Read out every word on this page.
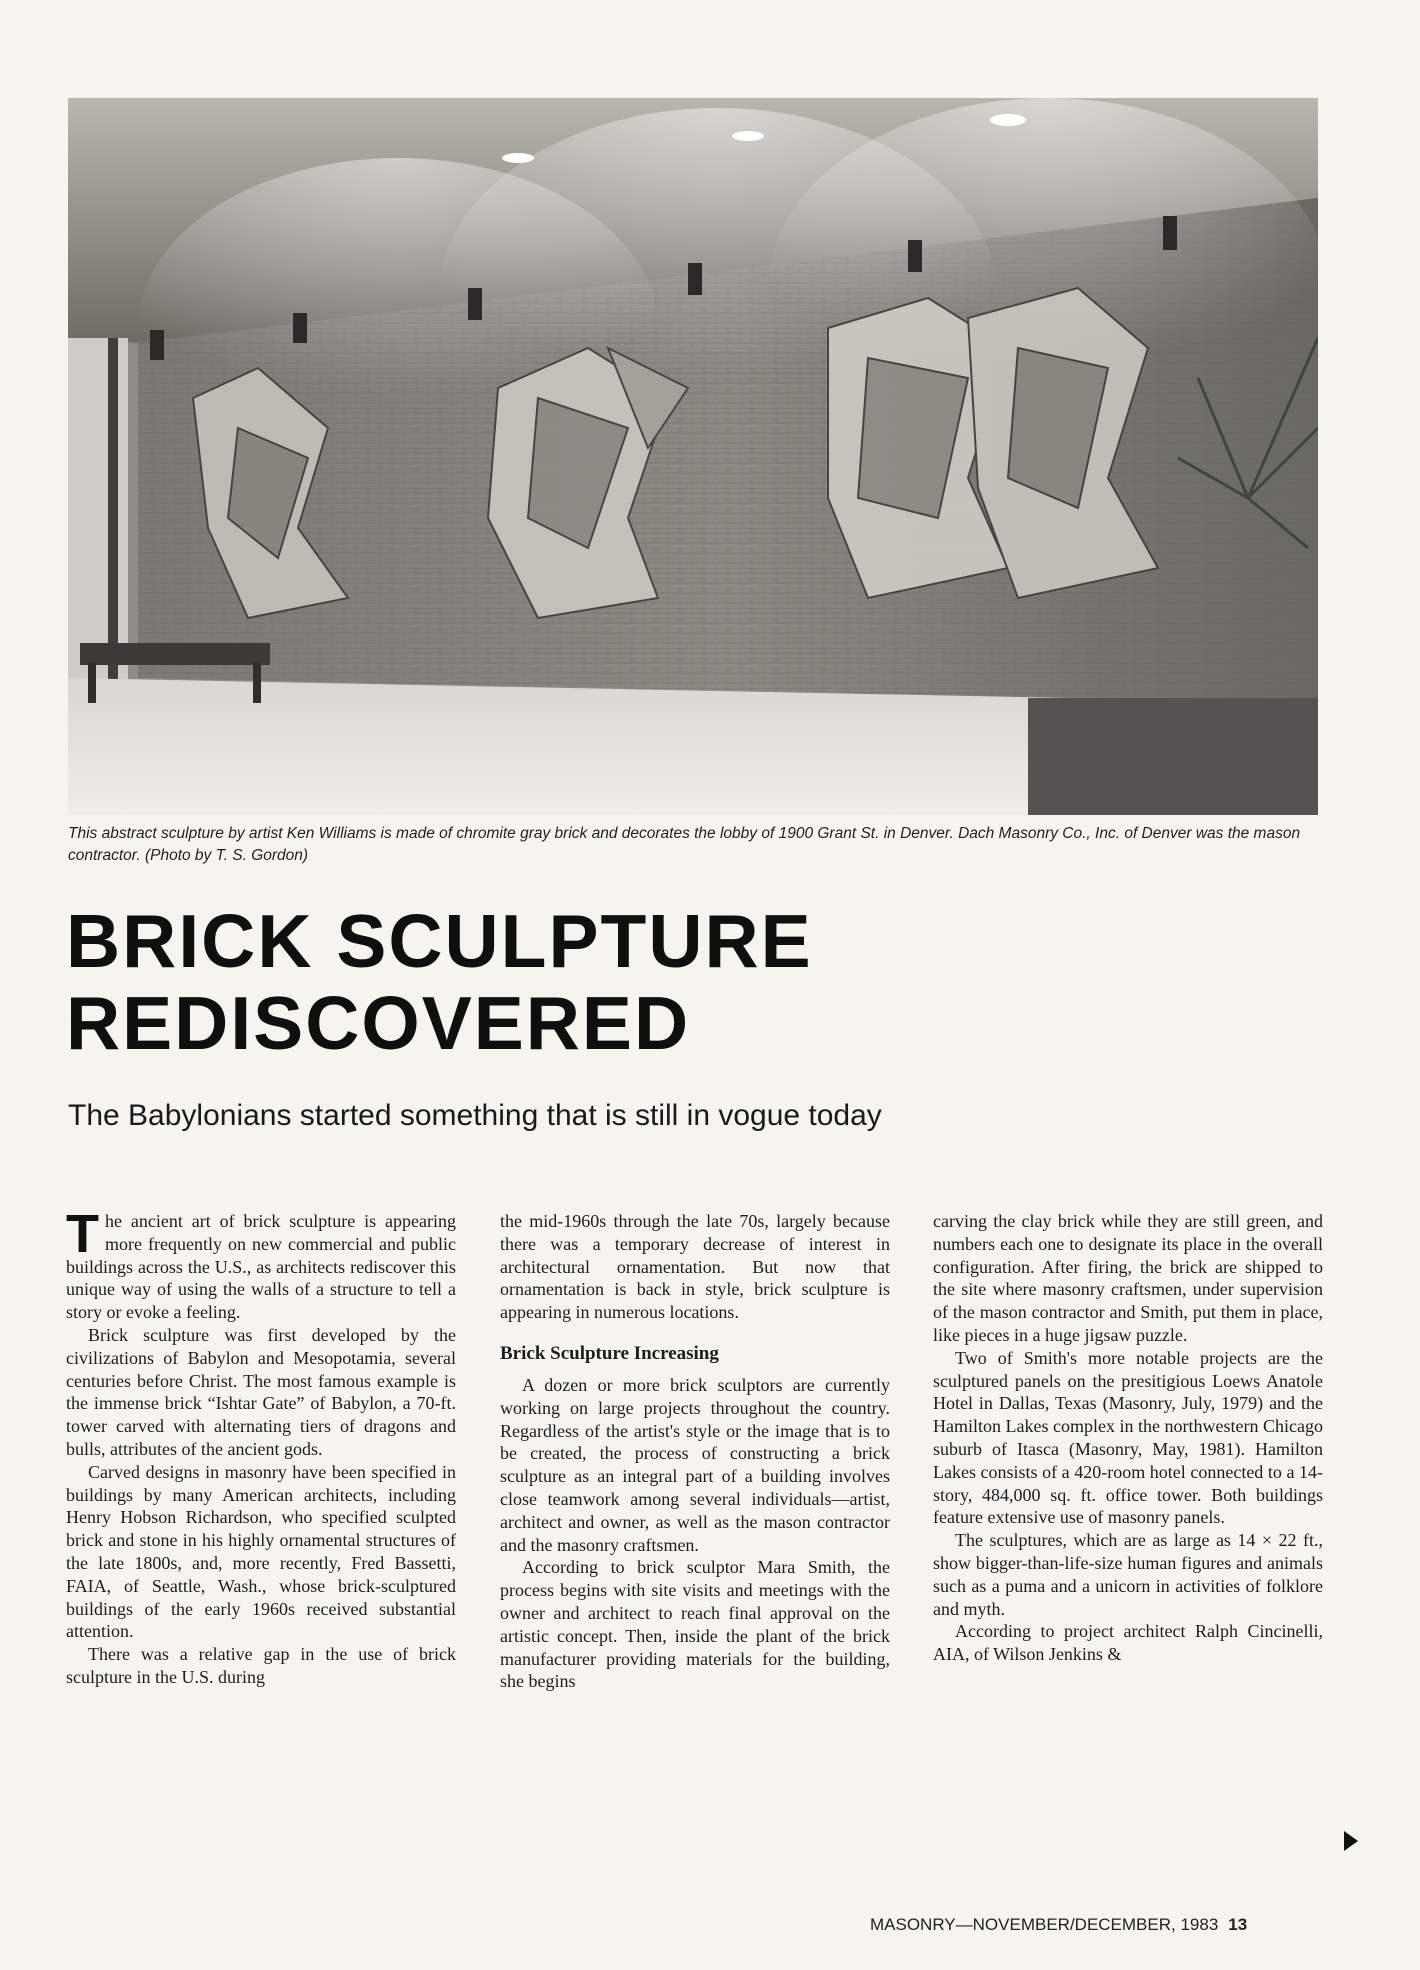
This abstract sculpture by artist Ken Williams is made of chromite gray brick and decorates the lobby of 1900 Grant St. in Denver. Dach Masonry Co., Inc. of Denver was the mason contractor. (Photo by T. S. Gordon)
BRICK SCULPTURE
REDISCOVERED
The Babylonians started something that is still in vogue today

The ancient art of brick sculpture is appearing more frequently on new commercial and public buildings across the U.S., as architects rediscover this unique way of using the walls of a structure to tell a story or evoke a feeling.

Brick sculpture was first developed by the civilizations of Babylon and Mesopotamia, several centuries before Christ. The most famous example is the immense brick “Ishtar Gate” of Babylon, a 70-ft. tower carved with alternating tiers of dragons and bulls, attributes of the ancient gods.

Carved designs in masonry have been specified in buildings by many American architects, including Henry Hobson Richardson, who specified sculpted brick and stone in his highly ornamental structures of the late 1800s, and, more recently, Fred Bassetti, FAIA, of Seattle, Wash., whose brick-sculptured buildings of the early 1960s received substantial attention.

There was a relative gap in the use of brick sculpture in the U.S. during

the mid-1960s through the late 70s, largely because there was a temporary decrease of interest in architectural ornamentation. But now that ornamentation is back in style, brick sculpture is appearing in numerous locations.

Brick Sculpture Increasing

A dozen or more brick sculptors are currently working on large projects throughout the country. Regardless of the artist's style or the image that is to be created, the process of constructing a brick sculpture as an integral part of a building involves close teamwork among several individuals—artist, architect and owner, as well as the mason contractor and the masonry craftsmen.

According to brick sculptor Mara Smith, the process begins with site visits and meetings with the owner and architect to reach final approval on the artistic concept. Then, inside the plant of the brick manufacturer providing materials for the building, she begins

carving the clay brick while they are still green, and numbers each one to designate its place in the overall configuration. After firing, the brick are shipped to the site where masonry craftsmen, under supervision of the mason contractor and Smith, put them in place, like pieces in a huge jigsaw puzzle.

Two of Smith's more notable projects are the sculptured panels on the presitigious Loews Anatole Hotel in Dallas, Texas (Masonry, July, 1979) and the Hamilton Lakes complex in the northwestern Chicago suburb of Itasca (Masonry, May, 1981). Hamilton Lakes consists of a 420-room hotel connected to a 14-story, 484,000 sq. ft. office tower. Both buildings feature extensive use of masonry panels.

The sculptures, which are as large as 14 × 22 ft., show bigger-than-life-size human figures and animals such as a puma and a unicorn in activities of folklore and myth.

According to project architect Ralph Cincinelli, AIA, of Wilson Jenkins &

MASONRY—NOVEMBER/DECEMBER, 1983 13
